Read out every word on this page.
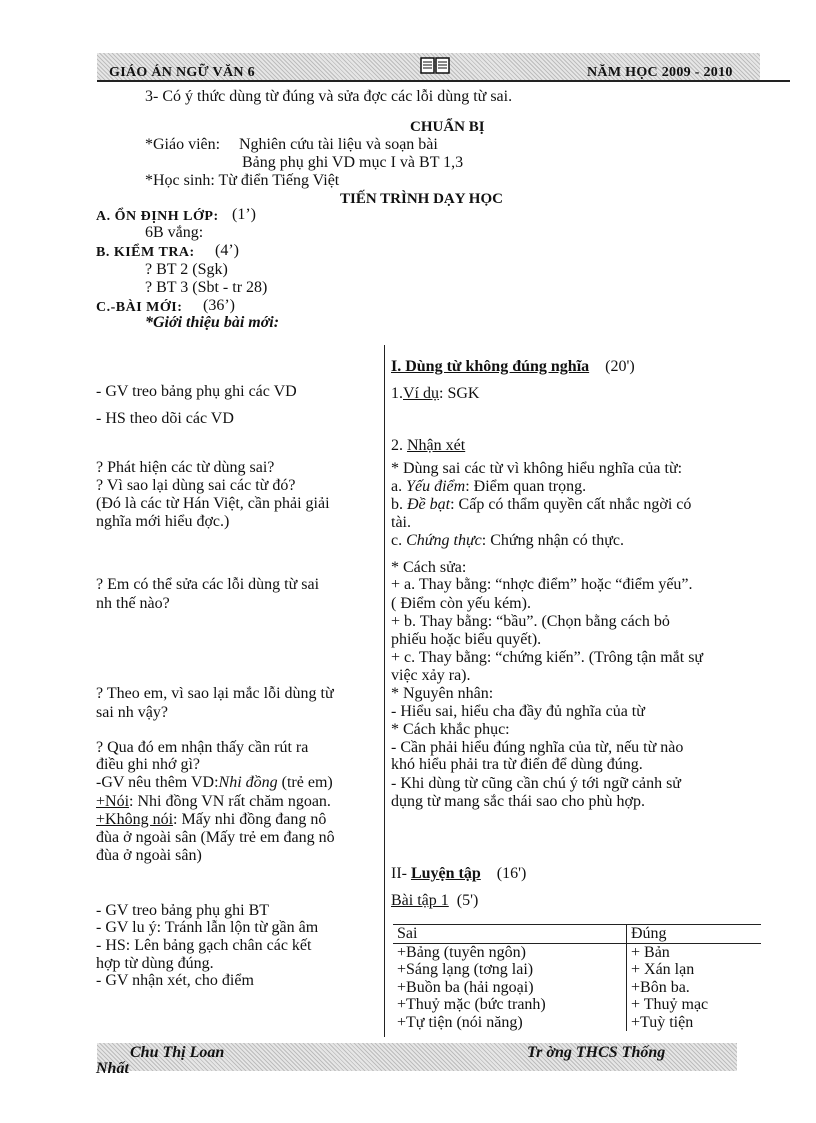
GIÁO ÁN NGỮ VĂN 6	NĂM HỌC 2009 - 2010
3- Có ý thức dùng từ đúng và sửa đợc các lỗi dùng từ sai.
CHUẨN BỊ
*Giáo viên: Nghiên cứu tài liệu và soạn bài
Bảng phụ ghi VD mục I và BT 1,3
*Học sinh: Từ điển Tiếng Việt
TIẾN TRÌNH DẠY HỌC
A. ỔN ĐỊNH LỚP: (1’)
6B vắng:
B. KIỂM TRA: (4’)
? BT 2 (Sgk)
? BT 3 (Sbt - tr 28)
C.-BÀI MỚI: (36’)
*Giới thiệu bài mới:
- GV treo bảng phụ ghi các VD
- HS theo dõi các VD
? Phát hiện các từ dùng sai?
? Vì sao lại dùng sai các từ đó?
(Đó là các từ Hán Việt, cần phải giải
nghĩa mới hiểu đợc.)
? Em có thể sửa các lỗi dùng từ sai
nh thế nào?
? Theo em, vì sao lại mắc lỗi dùng từ
sai nh vậy?
? Qua đó em nhận thấy cần rút ra
điều ghi nhớ gì?
-GV nêu thêm VD:Nhi đồng (trẻ em)
+Nói: Nhi đồng VN rất chăm ngoan.
+Không nói: Mấy nhi đồng đang nô
đùa ở ngoài sân (Mấy trẻ em đang nô
đùa ở ngoài sân)
- GV treo bảng phụ ghi BT
- GV lu ý: Tránh lẫn lộn từ gần âm
- HS: Lên bảng gạch chân các kết
hợp từ dùng đúng.
- GV nhận xét, cho điểm
I. Dùng từ không đúng nghĩa (20')
1.Ví dụ: SGK
2. Nhận xét
* Dùng sai các từ vì không hiểu nghĩa của từ:
a. Yếu điểm: Điểm quan trọng.
b. Đề bạt: Cấp có thẩm quyền cất nhắc ngời có
tài.
c. Chứng thực: Chứng nhận có thực.
* Cách sửa:
+ a. Thay bằng: “nhợc điểm” hoặc “điểm yếu”.
( Điểm còn yếu kém).
+ b. Thay bằng: “bầu”. (Chọn bằng cách bỏ
phiếu hoặc biểu quyết).
+ c. Thay bằng: “chứng kiến”. (Trông tận mắt sự
việc xảy ra).
* Nguyên nhân:
- Hiểu sai, hiểu cha đầy đủ nghĩa của từ
* Cách khắc phục:
- Cần phải hiểu đúng nghĩa của từ, nếu từ nào
khó hiểu phải tra từ điển để dùng đúng.
- Khi dùng từ cũng cần chú ý tới ngữ cảnh sử
dụng từ mang sắc thái sao cho phù hợp.
II- Luyện tập (16')
Bài tập 1 (5')
Sai	Đúng
+Bảng (tuyên ngôn)	+ Bản
+Sáng lạng (tơng lai)	+ Xán lạn
+Buồn ba (hải ngoại)	+Bôn ba.
+Thuỷ mặc (bức tranh)	+ Thuỷ mạc
+Tự tiện (nói năng)	+Tuỳ tiện
Chu Thị Loan
Nhất
Tr ờng THCS Thống
